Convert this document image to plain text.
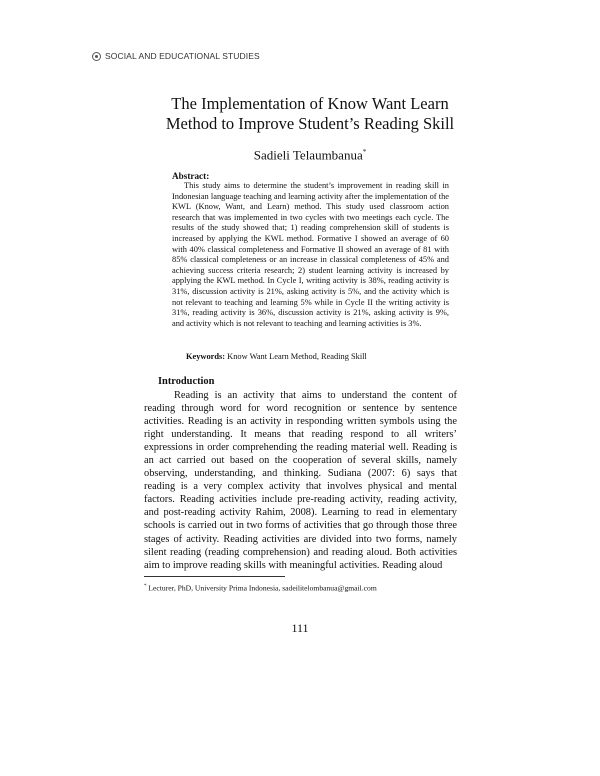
SOCIAL AND EDUCATIONAL STUDIES
The Implementation of Know Want Learn
Method to Improve Student’s Reading Skill
Sadieli Telaumbanua*
Abstract:

This study aims to determine the student’s improvement in reading skill in Indonesian language teaching and learning activity after the implementation of the KWL (Know, Want, and Learn) method. This study used classroom action research that was implemented in two cycles with two meetings each cycle. The results of the study showed that; 1) reading comprehension skill of students is increased by applying the KWL method. Formative I showed an average of 60 with 40% classical completeness and Formative II showed an average of 81 with 85% classical completeness or an increase in classical completeness of 45% and achieving success criteria research; 2) student learning activity is increased by applying the KWL method. In Cycle I, writing activity is 38%, reading activity is 31%, discussion activity is 21%, asking activity is 5%, and the activity which is not relevant to teaching and learning 5% while in Cycle II the writing activity is 31%, reading activity is 36%, discussion activity is 21%, asking activity is 9%, and activity which is not relevant to teaching and learning activities is 3%.

Keywords: Know Want Learn Method, Reading Skill
Introduction

Reading is an activity that aims to understand the content of reading through word for word recognition or sentence by sentence activities. Reading is an activity in responding written symbols using the right understanding. It means that reading respond to all writers’ expressions in order comprehending the reading material well. Reading is an act carried out based on the cooperation of several skills, namely observing, understanding, and thinking. Sudiana (2007: 6) says that reading is a very complex activity that involves physical and mental factors. Reading activities include pre-reading activity, reading activity, and post-reading activity Rahim, 2008). Learning to read in elementary schools is carried out in two forms of activities that go through those three stages of activity. Reading activities are divided into two forms, namely silent reading (reading comprehension) and reading aloud. Both activities aim to improve reading skills with meaningful activities. Reading aloud

* Lecturer, PhD, University Prima Indonesia, sadeilitelombanua@gmail.com
111
